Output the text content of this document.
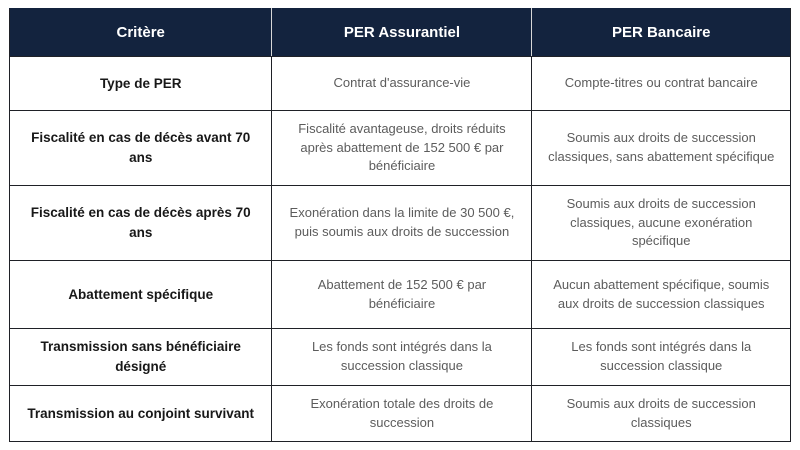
Critère	PER Assurantiel	PER Bancaire
Type de PER	Contrat d'assurance-vie	Compte-titres ou contrat bancaire
Fiscalité en cas de décès avant 70 ans	Fiscalité avantageuse, droits réduits après abattement de 152 500 € par bénéficiaire	Soumis aux droits de succession classiques, sans abattement spécifique
Fiscalité en cas de décès après 70 ans	Exonération dans la limite de 30 500 €, puis soumis aux droits de succession	Soumis aux droits de succession classiques, aucune exonération spécifique
Abattement spécifique	Abattement de 152 500 € par bénéficiaire	Aucun abattement spécifique, soumis aux droits de succession classiques
Transmission sans bénéficiaire désigné	Les fonds sont intégrés dans la succession classique	Les fonds sont intégrés dans la succession classique
Transmission au conjoint survivant	Exonération totale des droits de succession	Soumis aux droits de succession classiques
